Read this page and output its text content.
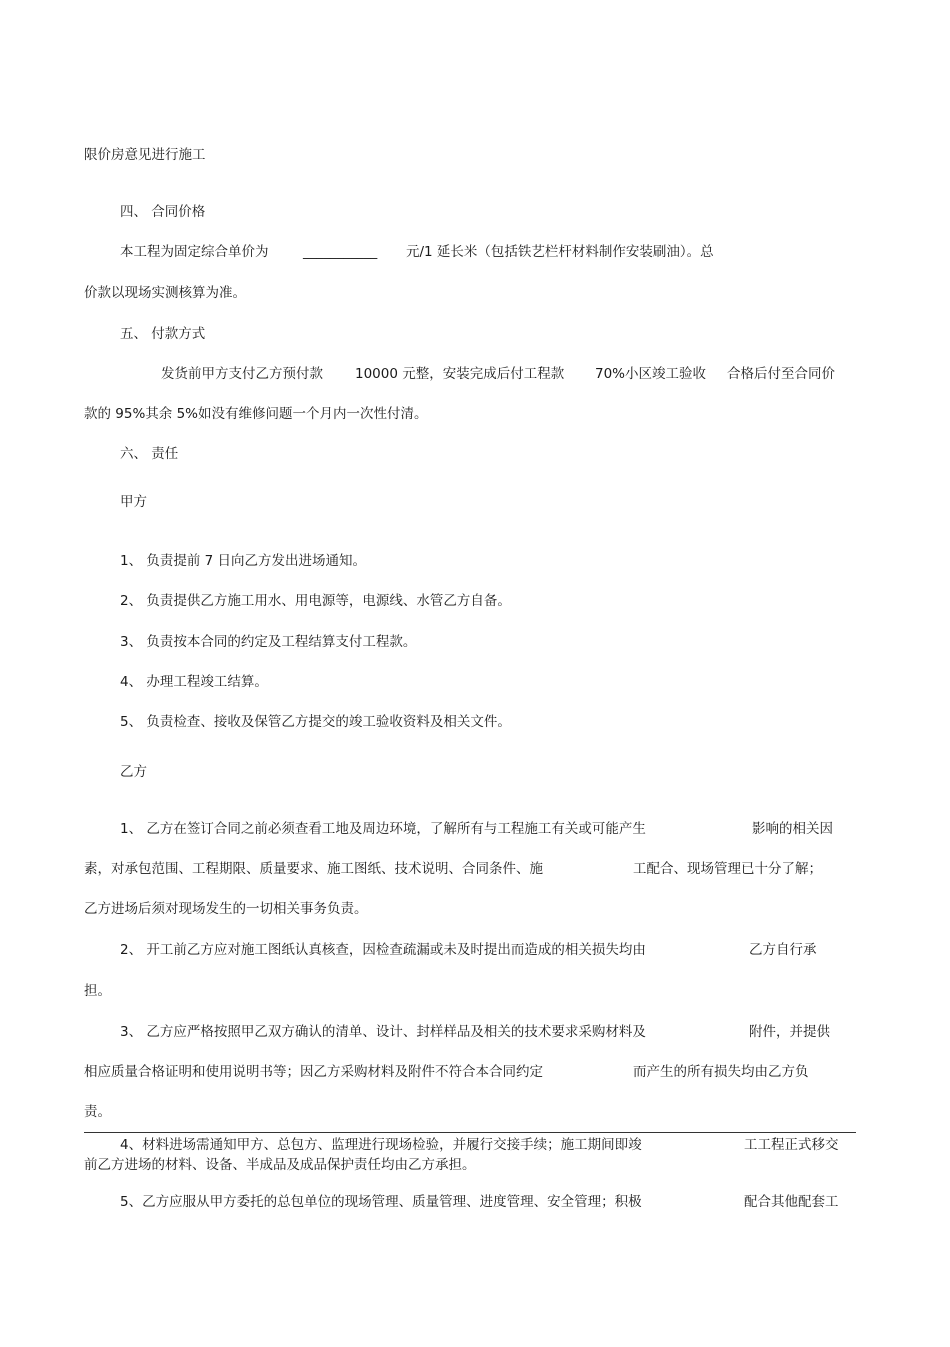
限价房意见进行施工
四、 合同价格
本工程为固定综合单价为	___________ 元/1 延长米（包括铁艺栏杆材料制作安装刷油）。总
价款以现场实测核算为准。
五、 付款方式
发货前甲方支付乙方预付款 10000 元整，安装完成后付工程款 70%小区竣工验收 合格后付至合同价
款的 95%其余 5%如没有维修问题一个月内一次性付清。
六、 责任
甲方
1、 负责提前 7 日向乙方发出进场通知。
2、 负责提供乙方施工用水、用电源等，电源线、水管乙方自备。
3、 负责按本合同的约定及工程结算支付工程款。
4、 办理工程竣工结算。
5、 负责检查、接收及保管乙方提交的竣工验收资料及相关文件。
乙方
1、 乙方在签订合同之前必须查看工地及周边环境，了解所有与工程施工有关或可能产生	影响的相关因
素，对承包范围、工程期限、质量要求、施工图纸、技术说明、合同条件、施	工配合、现场管理已十分了解；
乙方进场后须对现场发生的一切相关事务负责。
2、 开工前乙方应对施工图纸认真核查，因检查疏漏或未及时提出而造成的相关损失均由	乙方自行承
担。
3、 乙方应严格按照甲乙双方确认的清单、设计、封样样品及相关的技术要求采购材料及	附件，并提供
相应质量合格证明和使用说明书等；因乙方采购材料及附件不符合本合同约定	而产生的所有损失均由乙方负
责。
4、材料进场需通知甲方、总包方、监理进行现场检验，并履行交接手续；施工期间即竣	工工程正式移交
前乙方进场的材料、设备、半成品及成品保护责任均由乙方承担。
5、乙方应服从甲方委托的总包单位的现场管理、质量管理、进度管理、安全管理；积极	配合其他配套工
